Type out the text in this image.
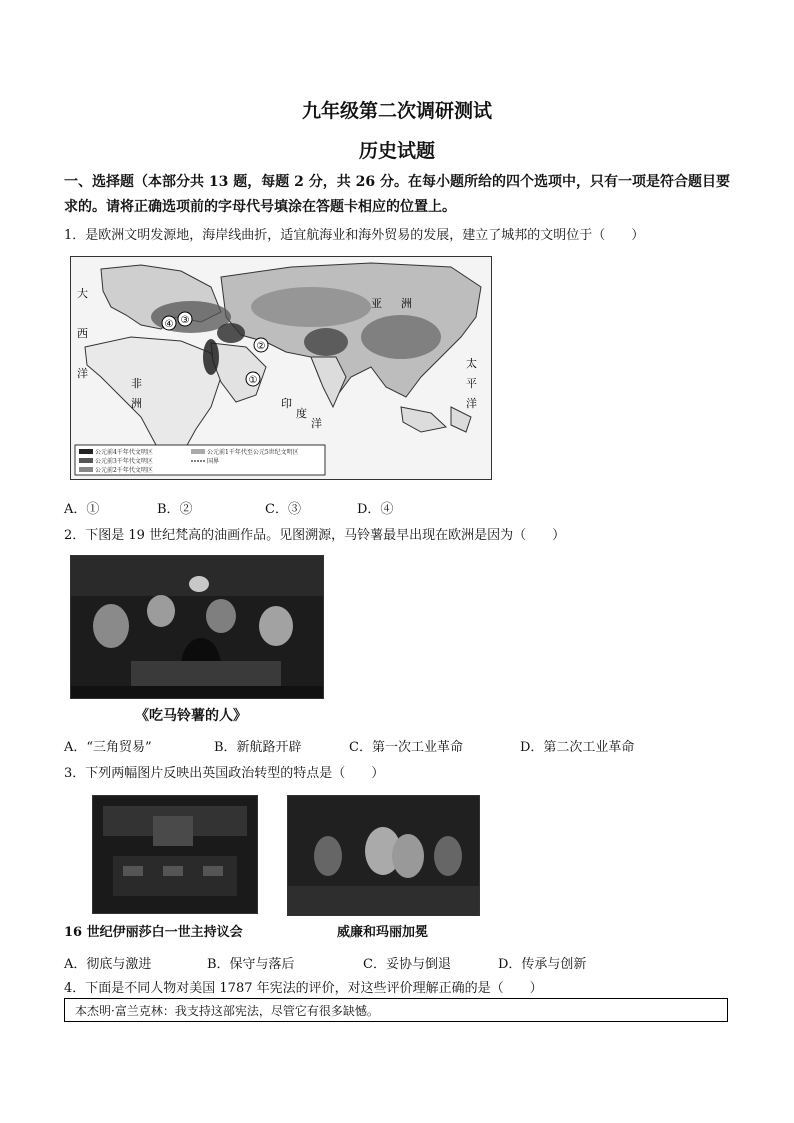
九年级第二次调研测试
历史试题
一、选择题（本部分共 13 题，每题 2 分，共 26 分。在每小题所给的四个选项中，只有一项是符合题目要求的。请将正确选项前的字母代号填涂在答题卡相应的位置上。
1．是欧洲文明发源地，海岸线曲折，适宜航海业和海外贸易的发展，建立了城邦的文明位于（　　）
①
②
③
④
大
西
洋
印
度
洋
太
平
洋
亚 洲
非
洲
公元前4千年代文明区
公元前3千年代文明区
公元前2千年代文明区
公元前1千年代至公元5世纪文明区
国界
A．①	B．②	C．③	D．④
2．下图是 19 世纪梵高的油画作品。见图溯源，马铃薯最早出现在欧洲是因为（　　）
《吃马铃薯的人》
A．“三角贸易”	B．新航路开辟	C．第一次工业革命	D．第二次工业革命
3．下列两幅图片反映出英国政治转型的特点是（　　）
16 世纪伊丽莎白一世主持议会	威廉和玛丽加冕
A．彻底与激进	B．保守与落后	C．妥协与倒退	D．传承与创新
4．下面是不同人物对美国 1787 年宪法的评价，对这些评价理解正确的是（　　）
本杰明·富兰克林：我支持这部宪法，尽管它有很多缺憾。
